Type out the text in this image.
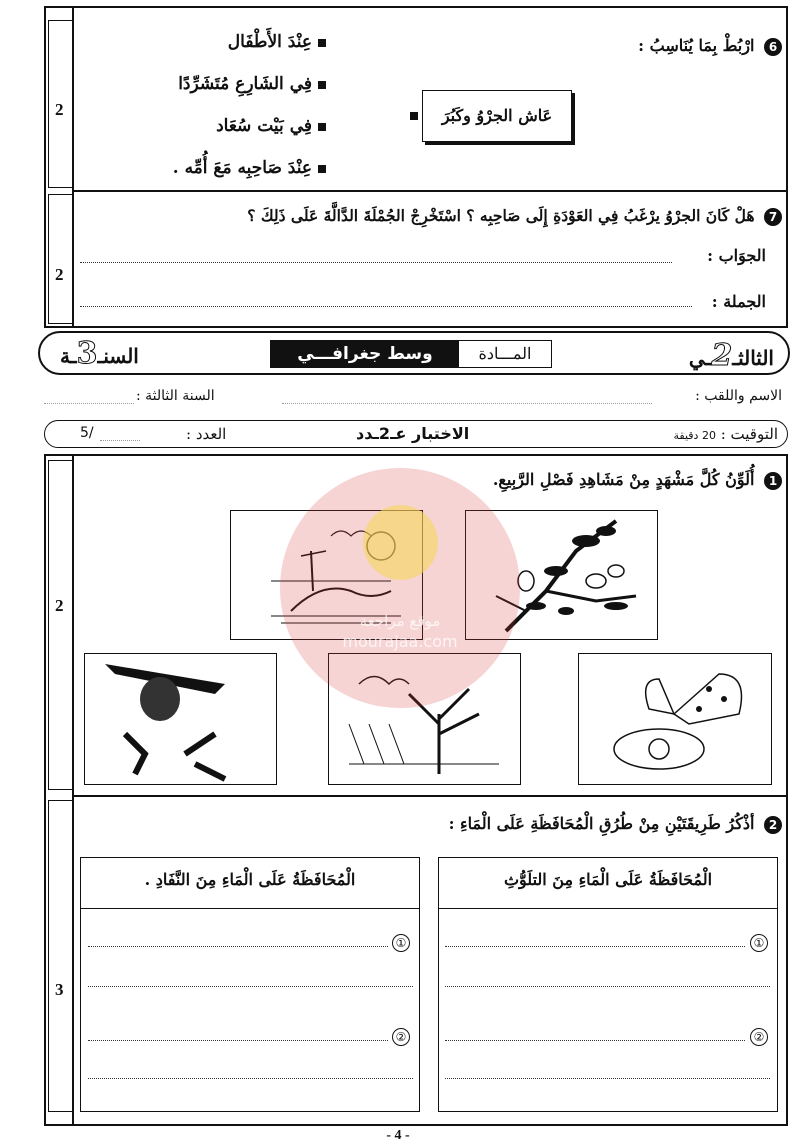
2
6 ارْبُطْ بِمَا يُنَاسِبُ :
عَاش الجرْوُ وكَبُرَ
عِنْدَ الأَطْفَال
فِي الشَارِعِ مُتَشَرِّدًا
فِي بَيْت سُعَاد
عِنْدَ صَاحِبِه مَعَ أُمِّه .
2
7 هَلْ كَانَ الجرْوُ يرْغَبُ فِي العَوْدَةِ إِلَى صَاحِبِه ؟ اسْتَخْرِجْ الجُمْلَةَ الدَّالَّةَ عَلَى ذَلِكَ ؟
الجوَاب :
الجملة :
الثالثـ2ـي
المـــادة
وسط جغرافـــي
السنـ3ـة
الاسم واللقب :
السنة الثالثة :
التوقيت : 20 دقيقة
الاختبار عـ2ـدد
العدد :
5/
2
1 أُلَوِّنُ كُلَّ مَشْهَدٍ مِنْ مَشَاهِدِ فَصْلِ الرَّبِيعِ.
موقع مراجعة
mourajaa.com
3
2 أذْكُرُ طَرِيقَتَيْنِ مِنْ طُرُقِ الْمُحَافَظَةِ عَلَى الْمَاءِ :
الْمُحَافَظَةُ عَلَى الْمَاءِ مِنَ التلَوُّثِ
①
②
الْمُحَافَظَةُ عَلَى الْمَاءِ مِنَ النَّفَادِ .
①
②
- 4 -
